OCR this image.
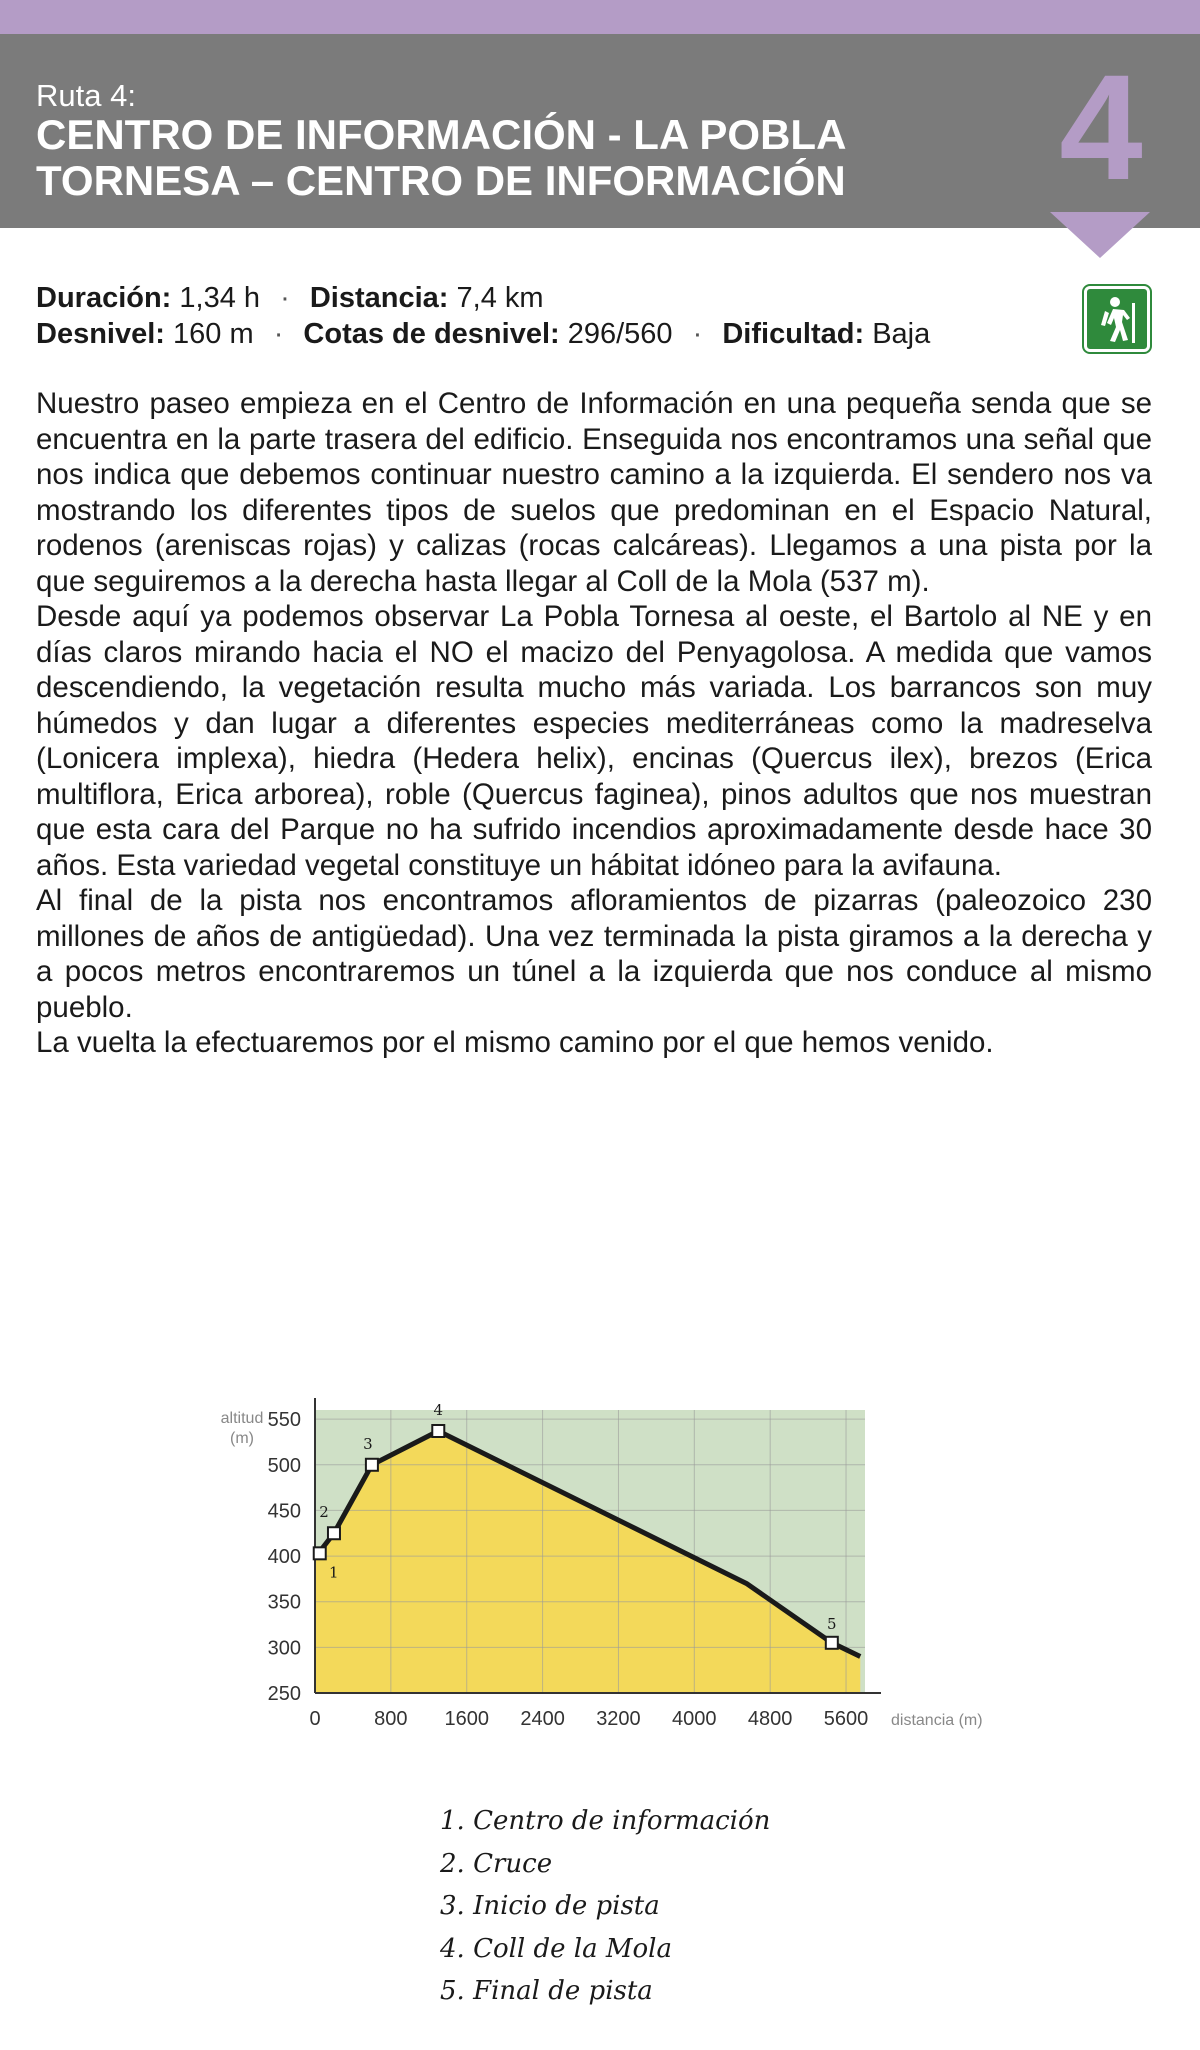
Ruta 4:
CENTRO DE INFORMACIÓN - LA POBLA TORNESA – CENTRO DE INFORMACIÓN	4
Duración: 1,34 h · Distancia: 7,4 km
Desnivel: 160 m · Cotas de desnivel: 296/560 · Dificultad: Baja

Nuestro paseo empieza en el Centro de Información en una pequeña senda que se encuentra en la parte trasera del edificio. Enseguida nos encontramos una señal que nos indica que debemos continuar nuestro camino a la izquierda. El sendero nos va mostrando los diferentes tipos de suelos que predominan en el Espacio Natural, rodenos (areniscas rojas) y calizas (rocas calcáreas). Llegamos a una pista por la que seguiremos a la derecha hasta llegar al Coll de la Mola (537 m).

Desde aquí ya podemos observar La Pobla Tornesa al oeste, el Bartolo al NE y en días claros mirando hacia el NO el macizo del Penyagolosa. A medida que vamos descendiendo, la vegetación resulta mucho más variada. Los barrancos son muy húmedos y dan lugar a diferentes especies mediterráneas como la madreselva (Lonicera implexa), hiedra (Hedera helix), encinas (Quercus ilex), brezos (Erica multiflora, Erica arborea), roble (Quercus faginea), pinos adultos que nos muestran que esta cara del Parque no ha sufrido incendios aproximadamente desde hace 30 años. Esta variedad vegetal constituye un hábitat idóneo para la avifauna.

Al final de la pista nos encontramos afloramientos de pizarras (paleozoico 230 millones de años de antigüedad). Una vez terminada la pista giramos a la derecha y a pocos metros encontraremos un túnel a la izquierda que nos conduce al mismo pueblo.

La vuelta la efectuaremos por el mismo camino por el que hemos venido.

250
300
350
400
450
500
550
0	800 1600 2400 3200 4000 4800 5600
altitud
(m)
distancia (m)
1
2
3
4
5
1. Centro de información
2. Cruce
3. Inicio de pista
4. Coll de la Mola
5. Final de pista
